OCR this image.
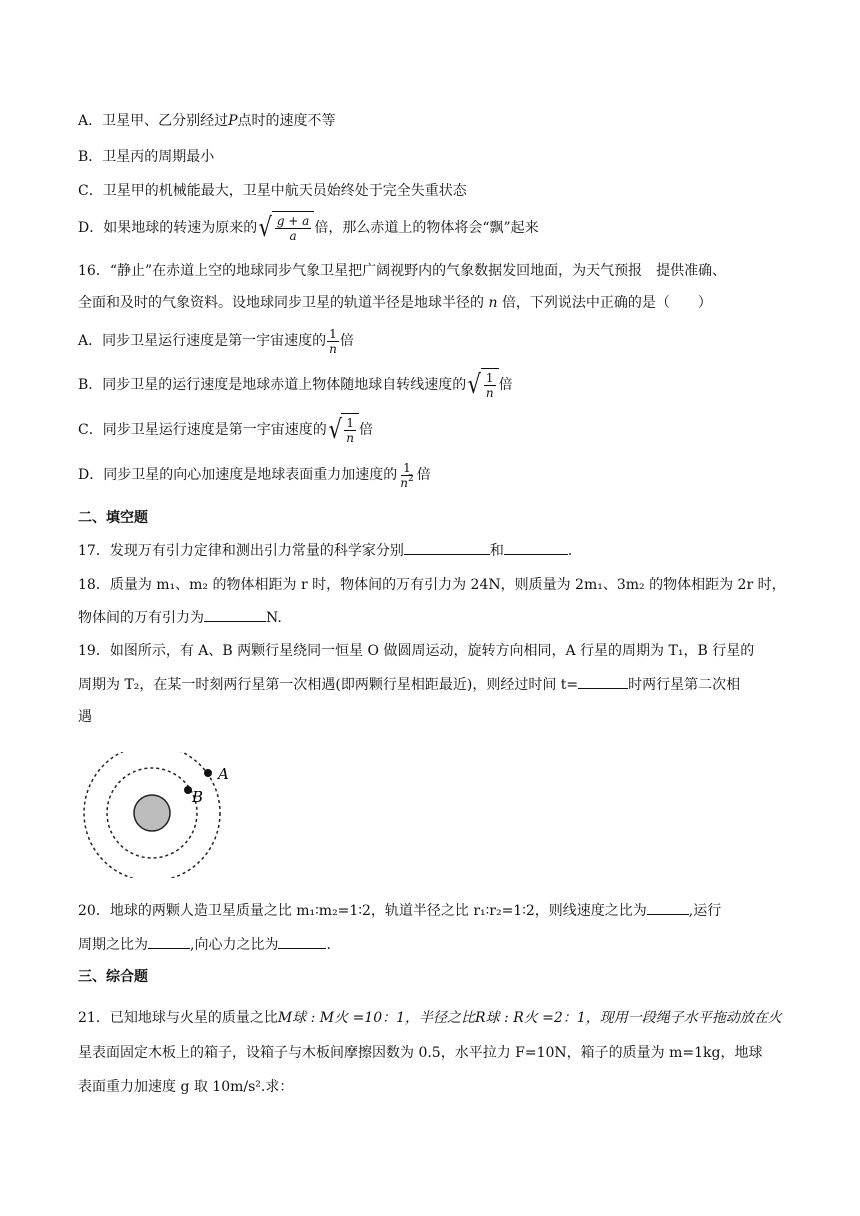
A．卫星甲、乙分别经过P点时的速度不等
B．卫星丙的周期最小
C．卫星甲的机械能最大，卫星中航天员始终处于完全失重状态
D．如果地球的转速为原来的 √ $\frac{g + a}{a}$ 倍，那么赤道上的物体将会“飘”起来
16．“静止”在赤道上空的地球同步气象卫星把广阔视野内的气象数据发回地面，为天气预报　提供准确、
全面和及时的气象资料。设地球同步卫星的轨道半径是地球半径的 n 倍，下列说法中正确的是（　　）
A．同步卫星运行速度是第一宇宙速度的 $\frac{1}{n}$ 倍
B．同步卫星的运行速度是地球赤道上物体随地球自转线速度的 √ $\frac{1}{n}$ 倍
C．同步卫星运行速度是第一宇宙速度的 √ $\frac{1}{n}$ 倍
D．同步卫星的向心加速度是地球表面重力加速度的 $\frac{1}{n^2}$ 倍
二、填空题
17．发现万有引力定律和测出引力常量的科学家分别	和	.
18．质量为 m₁、m₂ 的物体相距为 r 时，物体间的万有引力为 24N，则质量为 2m₁、3m₂ 的物体相距为 2r 时，
物体间的万有引力为	N.
19．如图所示，有 A、B 两颗行星绕同一恒星 O 做圆周运动，旋转方向相同，A 行星的周期为 T₁，B 行星的
周期为 T₂，在某一时刻两行星第一次相遇(即两颗行星相距最近)，则经过时间 t=	时两行星第二次相
遇
A
B
20．地球的两颗人造卫星质量之比 m₁∶m₂=1∶2，轨道半径之比 r₁∶r₂=1∶2，则线速度之比为	,运行
周期之比为	,向心力之比为	.
三、综合题
21．已知地球与火星的质量之比M球 : M火 =10：1，半径之比R球 : R火 =2：1，现用一段绳子水平拖动放在火
星表面固定木板上的箱子，设箱子与木板间摩擦因数为 0.5，水平拉力 F=10N，箱子的质量为 m=1kg，地球
表面重力加速度 g 取 10m/s².求：
